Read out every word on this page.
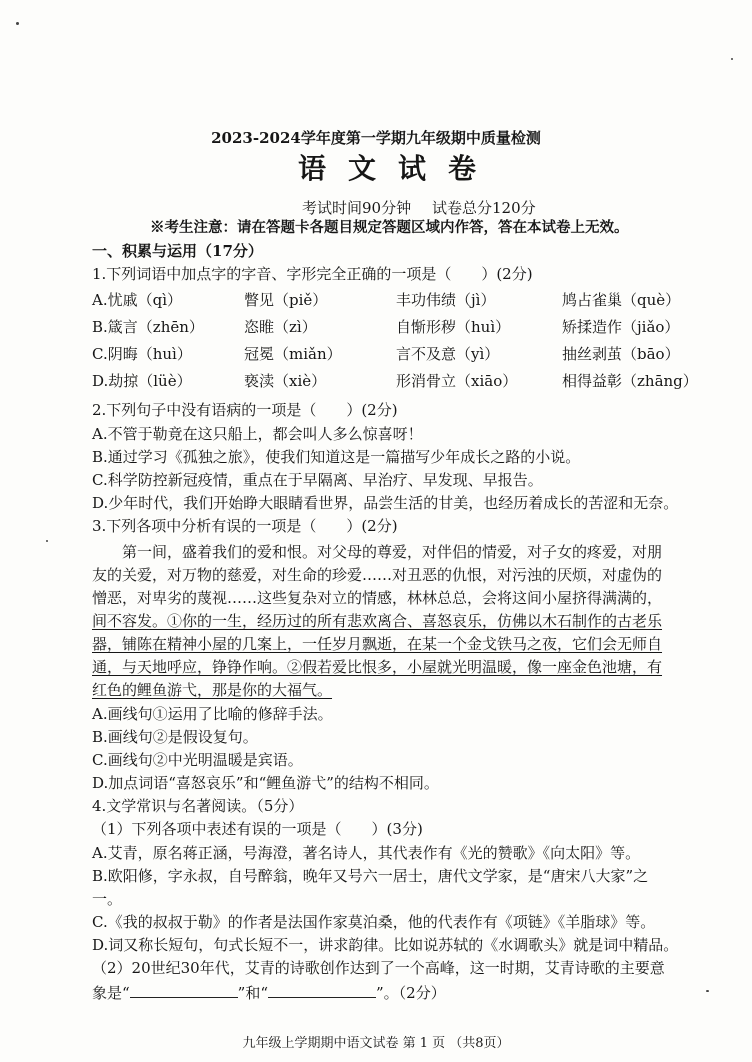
2023-2024学年度第一学期九年级期中质量检测
语文试卷
考试时间90分钟 试卷总分120分
※考生注意：请在答题卡各题目规定答题区域内作答，答在本试卷上无效。
一、积累与运用（17分）
1.下列词语中加点字的字音、字形完全正确的一项是（　　）(2分)
A.忧戚（qì）	瞥见（piě）	丰功伟绩（jì）	鸠占雀巢（què）
B.箴言（zhēn）	恣睢（zì）	自惭形秽（huì）	矫揉造作（jiǎo）
C.阴晦（huì）	冠冕（miǎn）	言不及意（yì）	抽丝剥茧（bāo）
D.劫掠（lüè）	亵渎（xiè）	形消骨立（xiāo）	相得益彰（zhāng）
2.下列句子中没有语病的一项是（　　）(2分)
A.不管于勒竟在这只船上，都会叫人多么惊喜呀！
B.通过学习《孤独之旅》，使我们知道这是一篇描写少年成长之路的小说。
C.科学防控新冠疫情，重点在于早隔离、早治疗、早发现、早报告。
D.少年时代，我们开始睁大眼睛看世界，品尝生活的甘美，也经历着成长的苦涩和无奈。
3.下列各项中分析有误的一项是（　　）(2分)
第一间，盛着我们的爱和恨。对父母的尊爱，对伴侣的情爱，对子女的疼爱，对朋
友的关爱，对万物的慈爱，对生命的珍爱……对丑恶的仇恨，对污浊的厌烦，对虚伪的
憎恶，对卑劣的蔑视……这些复杂对立的情感，林林总总，会将这间小屋挤得满满的，
间不容发。①你的一生，经历过的所有悲欢离合、喜怒哀乐，仿佛以木石制作的古老乐
器，铺陈在精神小屋的几案上，一任岁月飘逝，在某一个金戈铁马之夜，它们会无师自
通，与天地呼应，铮铮作响。②假若爱比恨多，小屋就光明温暖，像一座金色池塘，有
红色的鲤鱼游弋，那是你的大福气。
A.画线句①运用了比喻的修辞手法。
B.画线句②是假设复句。
C.画线句②中光明温暖是宾语。
D.加点词语“喜怒哀乐”和“鲤鱼游弋”的结构不相同。
4.文学常识与名著阅读。（5分）
（1）下列各项中表述有误的一项是（　　）(3分)
A.艾青，原名蒋正涵，号海澄，著名诗人，其代表作有《光的赞歌》《向太阳》等。
B.欧阳修，字永叔，自号醉翁，晚年又号六一居士，唐代文学家，是“唐宋八大家”之
一。
C.《我的叔叔于勒》的作者是法国作家莫泊桑，他的代表作有《项链》《羊脂球》等。
D.词又称长短句，句式长短不一，讲求韵律。比如说苏轼的《水调歌头》就是词中精品。
（2）20世纪30年代，艾青的诗歌创作达到了一个高峰，这一时期，艾青诗歌的主要意
象是“	”和“	”。（2分）
九年级上学期期中语文试卷 第 1 页 （共8页）
